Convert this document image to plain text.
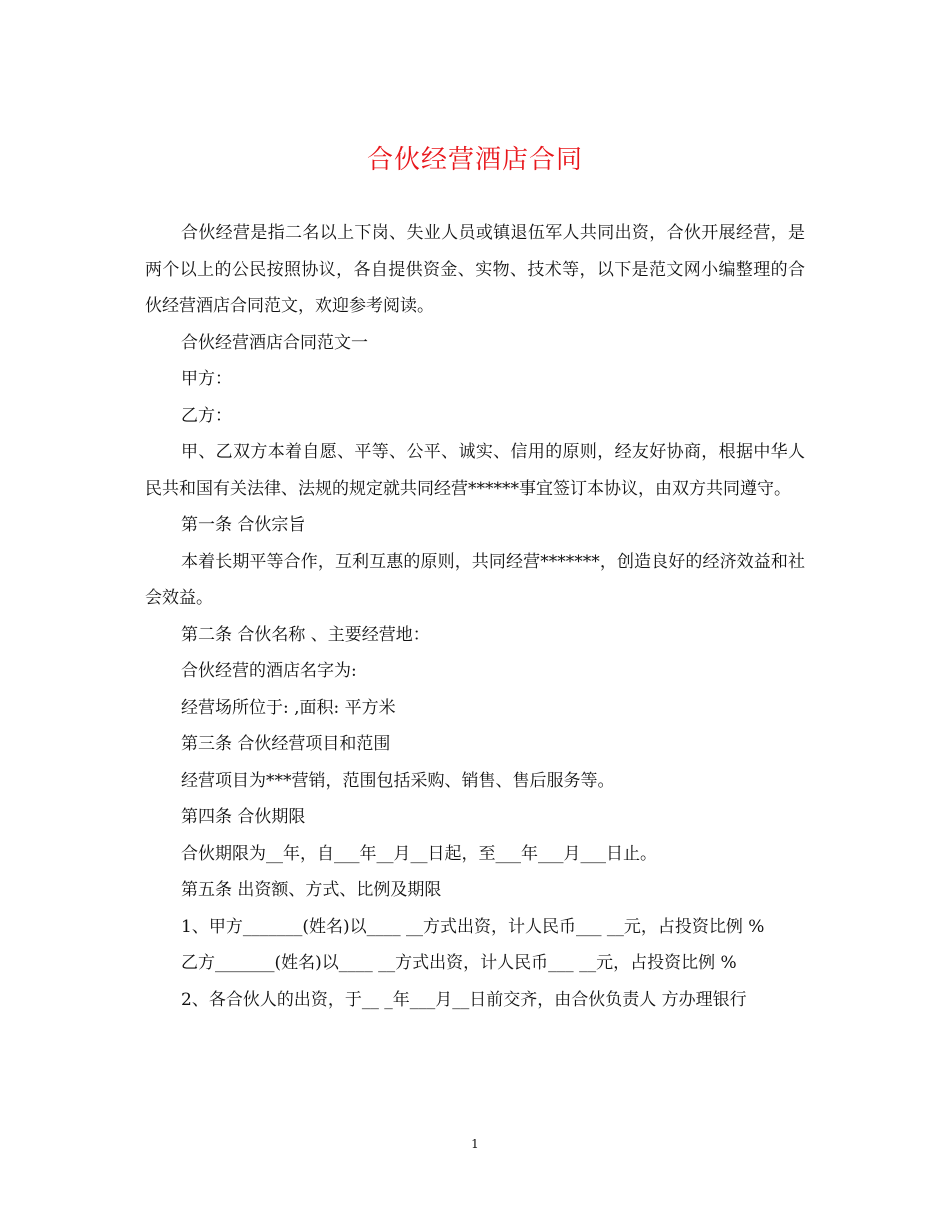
合伙经营酒店合同

合伙经营是指二名以上下岗、失业人员或镇退伍军人共同出资，合伙开展经营，是两个以上的公民按照协议，各自提供资金、实物、技术等，以下是范文网小编整理的合伙经营酒店合同范文，欢迎参考阅读。

合伙经营酒店合同范文一

甲方：

乙方：

甲、乙双方本着自愿、平等、公平、诚实、信用的原则，经友好协商，根据中华人民共和国有关法律、法规的规定就共同经营******事宜签订本协议，由双方共同遵守。

第一条 合伙宗旨

本着长期平等合作，互利互惠的原则，共同经营*******，创造良好的经济效益和社会效益。

第二条 合伙名称 、主要经营地：

合伙经营的酒店名字为:

经营场所位于: ,面积: 平方米

第三条 合伙经营项目和范围

经营项目为***营销，范围包括采购、销售、售后服务等。

第四条 合伙期限

合伙期限为__年，自___年__月__日起，至___年___月___日止。

第五条 出资额、方式、比例及期限

1、甲方_______(姓名)以____ __方式出资，计人民币___ __元，占投资比例 %

乙方_______(姓名)以____ __方式出资，计人民币___ __元，占投资比例 %

2、各合伙人的出资，于__ _年___月__日前交齐，由合伙负责人 方办理银行

1
